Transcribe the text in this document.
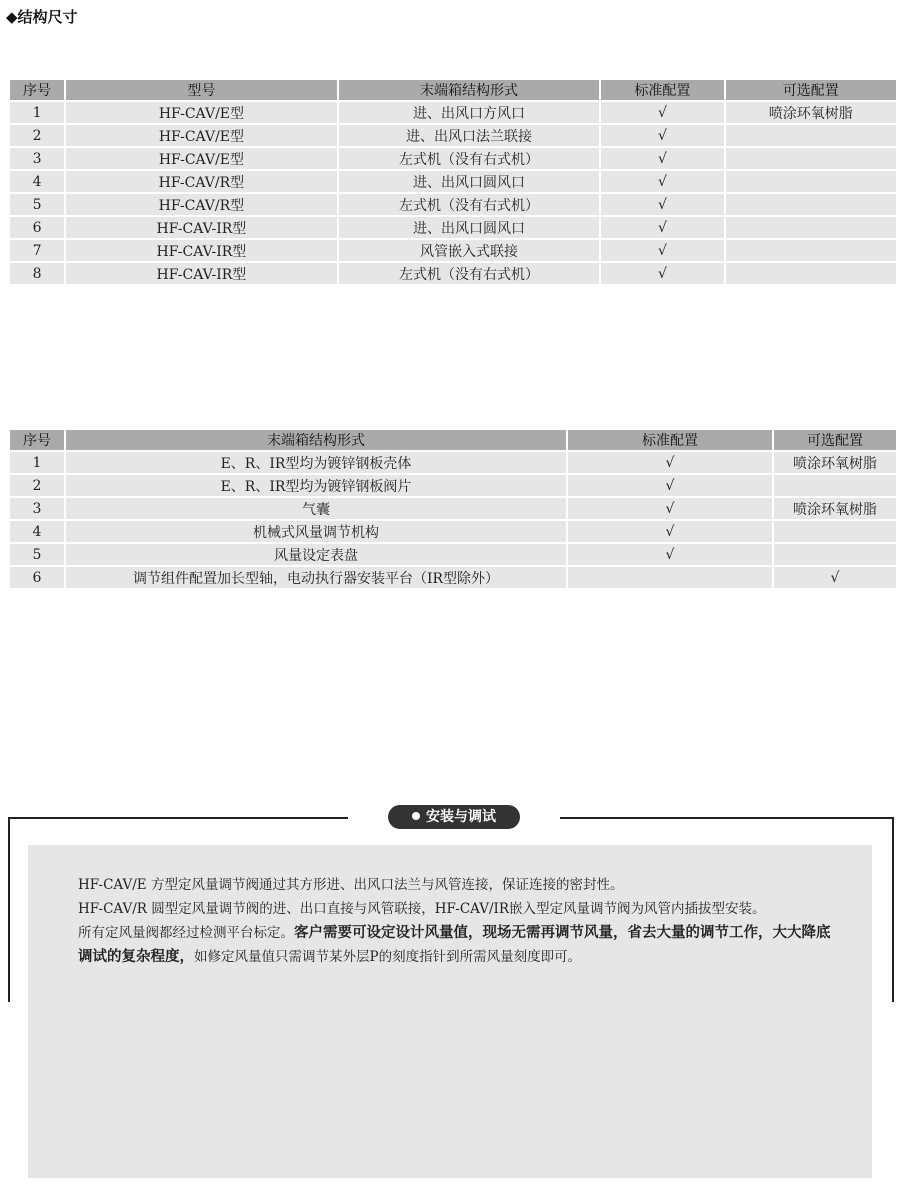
◆结构尺寸
序号	型号	末端箱结构形式	标准配置	可选配置
1	HF-CAV/E型	进、出风口方风口	√	喷涂环氧树脂
2	HF-CAV/E型	进、出风口法兰联接	√	
3	HF-CAV/E型	左式机（没有右式机）	√	
4	HF-CAV/R型	进、出风口圆风口	√	
5	HF-CAV/R型	左式机（没有右式机）	√	
6	HF-CAV-IR型	进、出风口圆风口	√	
7	HF-CAV-IR型	风管嵌入式联接	√	
8	HF-CAV-IR型	左式机（没有右式机）	√	
序号	末端箱结构形式	标准配置	可选配置
1	E、R、IR型均为镀锌钢板壳体	√	喷涂环氧树脂
2	E、R、IR型均为镀锌钢板阀片	√	
3	气囊	√	喷涂环氧树脂
4	机械式风量调节机构	√	
5	风量设定表盘	√	
6	调节组件配置加长型轴，电动执行器安装平台（IR型除外）		√
安装与调试

HF-CAV/E 方型定风量调节阀通过其方形进、出风口法兰与风管连接，保证连接的密封性。

HF-CAV/R 圆型定风量调节阀的进、出口直接与风管联接，HF-CAV/IR嵌入型定风量调节阀为风管内插拔型安装。

所有定风量阀都经过检测平台标定。客户需要可设定设计风量值，现场无需再调节风量，省去大量的调节工作，大大降底调试的复杂程度，如修定风量值只需调节某外层P的刻度指针到所需风量刻度即可。
